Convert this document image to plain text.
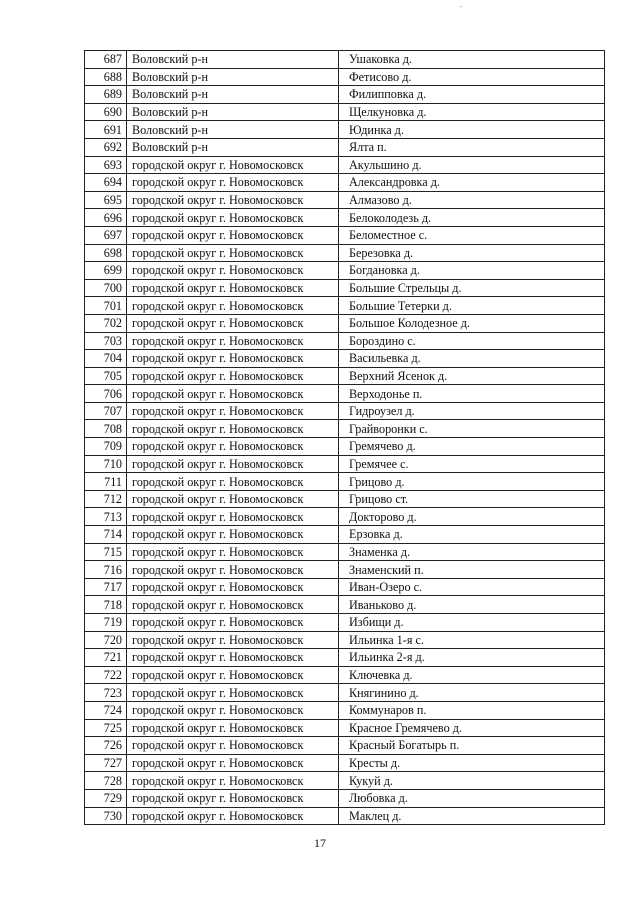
687	Воловский р-н	Ушаковка д.
688	Воловский р-н	Фетисово д.
689	Воловский р-н	Филипповка д.
690	Воловский р-н	Щелкуновка д.
691	Воловский р-н	Юдинка д.
692	Воловский р-н	Ялта п.
693	городской округ г. Новомосковск	Акульшино д.
694	городской округ г. Новомосковск	Александровка д.
695	городской округ г. Новомосковск	Алмазово д.
696	городской округ г. Новомосковск	Белоколодезь д.
697	городской округ г. Новомосковск	Беломестное с.
698	городской округ г. Новомосковск	Березовка д.
699	городской округ г. Новомосковск	Богдановка д.
700	городской округ г. Новомосковск	Большие Стрельцы д.
701	городской округ г. Новомосковск	Большие Тетерки д.
702	городской округ г. Новомосковск	Большое Колодезное д.
703	городской округ г. Новомосковск	Бороздино с.
704	городской округ г. Новомосковск	Васильевка д.
705	городской округ г. Новомосковск	Верхний Ясенок д.
706	городской округ г. Новомосковск	Верходонье п.
707	городской округ г. Новомосковск	Гидроузел д.
708	городской округ г. Новомосковск	Грайворонки с.
709	городской округ г. Новомосковск	Гремячево д.
710	городской округ г. Новомосковск	Гремячее с.
711	городской округ г. Новомосковск	Грицово д.
712	городской округ г. Новомосковск	Грицово ст.
713	городской округ г. Новомосковск	Докторово д.
714	городской округ г. Новомосковск	Ерзовка д.
715	городской округ г. Новомосковск	Знаменка д.
716	городской округ г. Новомосковск	Знаменский п.
717	городской округ г. Новомосковск	Иван-Озеро с.
718	городской округ г. Новомосковск	Иваньково д.
719	городской округ г. Новомосковск	Избищи д.
720	городской округ г. Новомосковск	Ильинка 1-я с.
721	городской округ г. Новомосковск	Ильинка 2-я д.
722	городской округ г. Новомосковск	Ключевка д.
723	городской округ г. Новомосковск	Княгинино д.
724	городской округ г. Новомосковск	Коммунаров п.
725	городской округ г. Новомосковск	Красное Гремячево д.
726	городской округ г. Новомосковск	Красный Богатырь п.
727	городской округ г. Новомосковск	Кресты д.
728	городской округ г. Новомосковск	Кукуй д.
729	городской округ г. Новомосковск	Любовка д.
730	городской округ г. Новомосковск	Маклец д.
17
